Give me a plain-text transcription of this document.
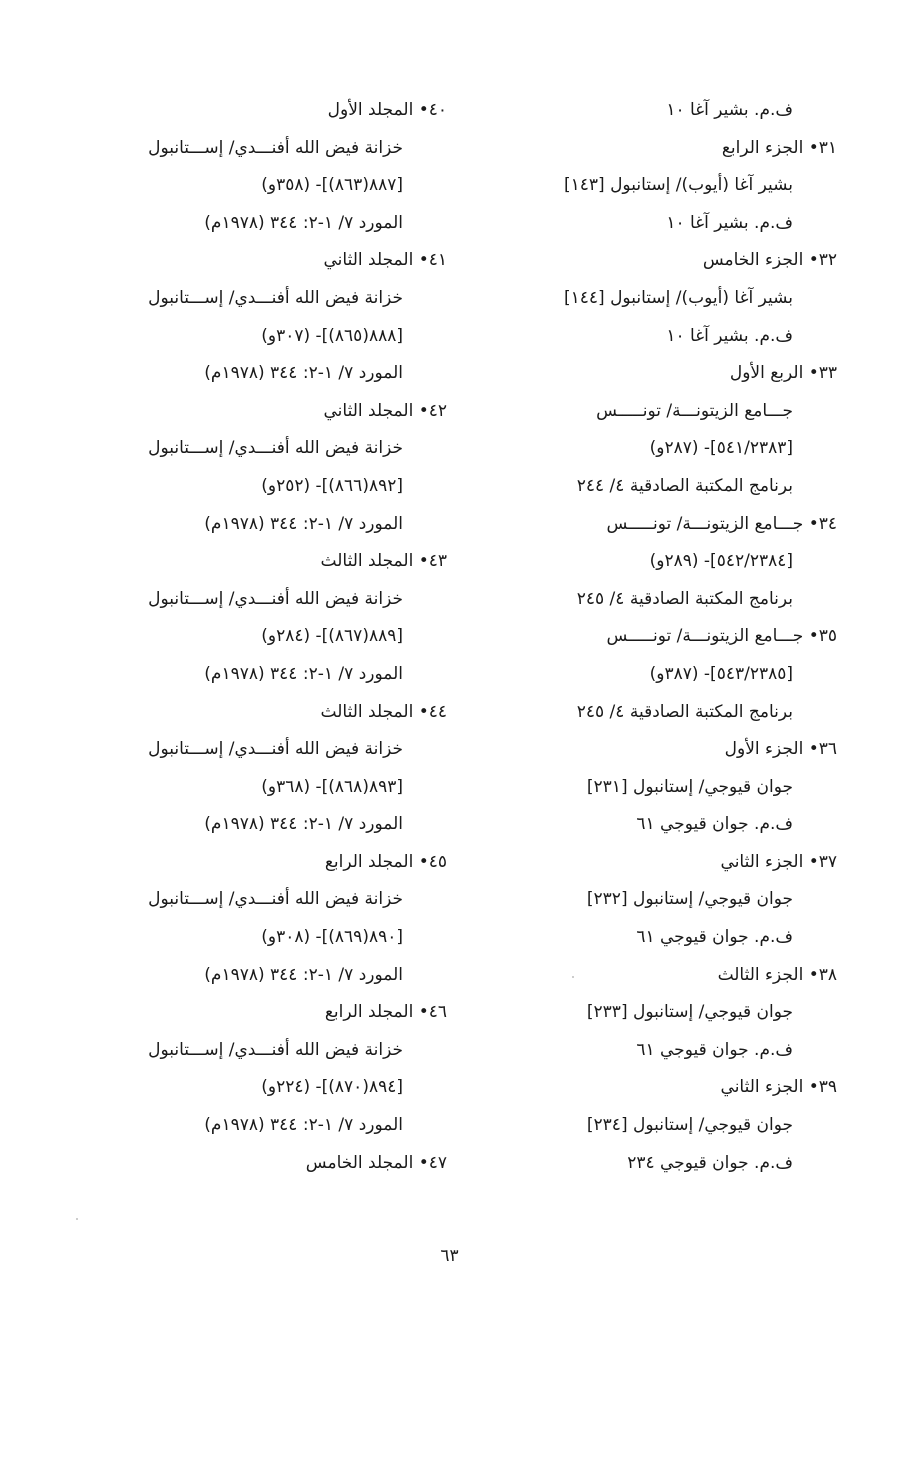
ف.م. بشير آغا ١٠
٣١• الجزء الرابع
بشير آغا (أيوب)/ إستانبول [١٤٣]
ف.م. بشير آغا ١٠
٣٢• الجزء الخامس
بشير آغا (أيوب)/ إستانبول [١٤٤]
ف.م. بشير آغا ١٠
٣٣• الربع الأول
جـــامع الزيتونـــة/ تونـــــس
[٥٤١/٢٣٨٣]- (٢٨٧و)
برنامج المكتبة الصادقية ٤/ ٢٤٤
٣٤• جـــامع الزيتونـــة/ تونـــــس
[٥٤٢/٢٣٨٤]- (٢٨٩و)
برنامج المكتبة الصادقية ٤/ ٢٤٥
٣٥• جـــامع الزيتونـــة/ تونـــــس
[٥٤٣/٢٣٨٥]- (٣٨٧و)
برنامج المكتبة الصادقية ٤/ ٢٤٥
٣٦• الجزء الأول
جوان قيوجي/ إستانبول [٢٣١]
ف.م. جوان قيوجي ٦١
٣٧• الجزء الثاني
جوان قيوجي/ إستانبول [٢٣٢]
ف.م. جوان قيوجي ٦١
٣٨• الجزء الثالث
جوان قيوجي/ إستانبول [٢٣٣]
ف.م. جوان قيوجي ٦١
٣٩• الجزء الثاني
جوان قيوجي/ إستانبول [٢٣٤]
ف.م. جوان قيوجي ٢٣٤
٤٠• المجلد الأول
خزانة فيض الله أفنـــدي/ إســـتانبول
[٨٨٧(٨٦٣)]- (٣٥٨و)
المورد ٧/ ١-٢: ٣٤٤ (١٩٧٨م)
٤١• المجلد الثاني
خزانة فيض الله أفنـــدي/ إســـتانبول
[٨٨٨(٨٦٥)]- (٣٠٧و)
المورد ٧/ ١-٢: ٣٤٤ (١٩٧٨م)
٤٢• المجلد الثاني
خزانة فيض الله أفنـــدي/ إســـتانبول
[٨٩٢(٨٦٦)]- (٢٥٢و)
المورد ٧/ ١-٢: ٣٤٤ (١٩٧٨م)
٤٣• المجلد الثالث
خزانة فيض الله أفنـــدي/ إســـتانبول
[٨٨٩(٨٦٧)]- (٢٨٤و)
المورد ٧/ ١-٢: ٣٤٤ (١٩٧٨م)
٤٤• المجلد الثالث
خزانة فيض الله أفنـــدي/ إســـتانبول
[٨٩٣(٨٦٨)]- (٣٦٨و)
المورد ٧/ ١-٢: ٣٤٤ (١٩٧٨م)
٤٥• المجلد الرابع
خزانة فيض الله أفنـــدي/ إســـتانبول
[٨٩٠(٨٦٩)]- (٣٠٨و)
المورد ٧/ ١-٢: ٣٤٤ (١٩٧٨م)
٤٦• المجلد الرابع
خزانة فيض الله أفنـــدي/ إســـتانبول
[٨٩٤(٨٧٠)]- (٢٢٤و)
المورد ٧/ ١-٢: ٣٤٤ (١٩٧٨م)
٤٧• المجلد الخامس
٦٣
